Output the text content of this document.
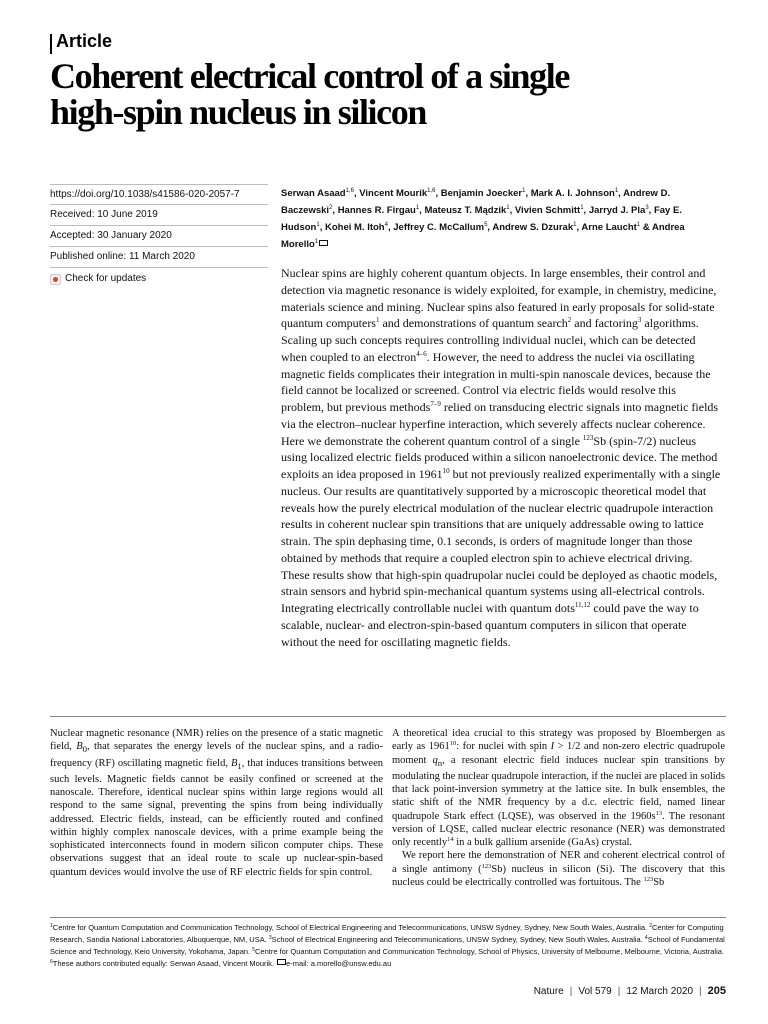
Article
Coherent electrical control of a single
high-spin nucleus in silicon
https://doi.org/10.1038/s41586-020-2057-7
Received: 10 June 2019
Accepted: 30 January 2020
Published online: 11 March 2020
Check for updates
Serwan Asaad$^{1,6}$, Vincent Mourik$^{1,6}$, Benjamin Joecker$^1$, Mark A. I. Johnson$^1$, Andrew D. Baczewski$^2$, Hannes R. Firgau$^1$, Mateusz T. Mądzik$^1$, Vivien Schmitt$^1$, Jarryd J. Pla$^3$, Fay E. Hudson$^1$, Kohei M. Itoh$^4$, Jeffrey C. McCallum$^5$, Andrew S. Dzurak$^1$, Arne Laucht$^1$ & Andrea Morello$^1$

Nuclear spins are highly coherent quantum objects. In large ensembles, their control and detection via magnetic resonance is widely exploited, for example, in chemistry, medicine, materials science and mining. Nuclear spins also featured in early proposals for solid-state quantum computers$^1$ and demonstrations of quantum search$^2$ and factoring$^3$ algorithms. Scaling up such concepts requires controlling individual nuclei, which can be detected when coupled to an electron$^{4-6}$. However, the need to address the nuclei via oscillating magnetic fields complicates their integration in multi-spin nanoscale devices, because the field cannot be localized or screened. Control via electric fields would resolve this problem, but previous methods$^{7-9}$ relied on transducing electric signals into magnetic fields via the electron–nuclear hyperfine interaction, which severely affects nuclear coherence. Here we demonstrate the coherent quantum control of a single $^{123}$Sb (spin-7/2) nucleus using localized electric fields produced within a silicon nanoelectronic device. The method exploits an idea proposed in 1961$^{10}$ but not previously realized experimentally with a single nucleus. Our results are quantitatively supported by a microscopic theoretical model that reveals how the purely electrical modulation of the nuclear electric quadrupole interaction results in coherent nuclear spin transitions that are uniquely addressable owing to lattice strain. The spin dephasing time, 0.1 seconds, is orders of magnitude longer than those obtained by methods that require a coupled electron spin to achieve electrical driving. These results show that high-spin quadrupolar nuclei could be deployed as chaotic models, strain sensors and hybrid spin-mechanical quantum systems using all-electrical controls. Integrating electrically controllable nuclei with quantum dots$^{11,12}$ could pave the way to scalable, nuclear- and electron-spin-based quantum computers in silicon that operate without the need for oscillating magnetic fields.

Nuclear magnetic resonance (NMR) relies on the presence of a static magnetic field, $B_0$, that separates the energy levels of the nuclear spins, and a radio-frequency (RF) oscillating magnetic field, $B_1$, that induces transitions between such levels. Magnetic fields cannot be easily confined or screened at the nanoscale. Therefore, identical nuclear spins within large regions would all respond to the same signal, preventing the spins from being individually addressed. Electric fields, instead, can be efficiently routed and confined within highly complex nanoscale devices, with a prime example being the sophisticated interconnects found in modern silicon computer chips. These observations suggest that an ideal route to scale up nuclear-spin-based quantum devices would involve the use of RF electric fields for spin control.

A theoretical idea crucial to this strategy was proposed by Bloembergen as early as 1961$^{10}$: for nuclei with spin I > 1/2 and non-zero electric quadrupole moment $q_n$, a resonant electric field induces nuclear spin transitions by modulating the nuclear quadrupole interaction, if the nuclei are placed in solids that lack point-inversion symmetry at the lattice site. In bulk ensembles, the static shift of the NMR frequency by a d.c. electric field, named linear quadrupole Stark effect (LQSE), was observed in the $1960s^{13}$. The resonant version of LQSE, called nuclear electric resonance (NER) was demonstrated only recently$^{14}$ in a bulk gallium arsenide (GaAs) crystal.

We report here the demonstration of NER and coherent electrical control of a single antimony ($^{123}$Sb) nucleus in silicon (Si). The discovery that this nucleus could be electrically controlled was fortuitous. The $^{123}$Sb

$^1$Centre for Quantum Computation and Communication Technology, School of Electrical Engineering and Telecommunications, UNSW Sydney, Sydney, New South Wales, Australia. $^2$Center for Computing Research, Sandia National Laboratories, Albuquerque, NM, USA. $^3$School of Electrical Engineering and Telecommunications, UNSW Sydney, Sydney, New South Wales, Australia. $^4$School of Fundamental Science and Technology, Keio University, Yokohama, Japan. $^5$Centre for Quantum Computation and Communication Technology, School of Physics, University of Melbourne, Melbourne, Victoria, Australia. $^6$These authors contributed equally: Serwan Asaad, Vincent Mourik. e-mail: a.morello@unsw.edu.au
Nature | Vol 579 | 12 March 2020 | 205
